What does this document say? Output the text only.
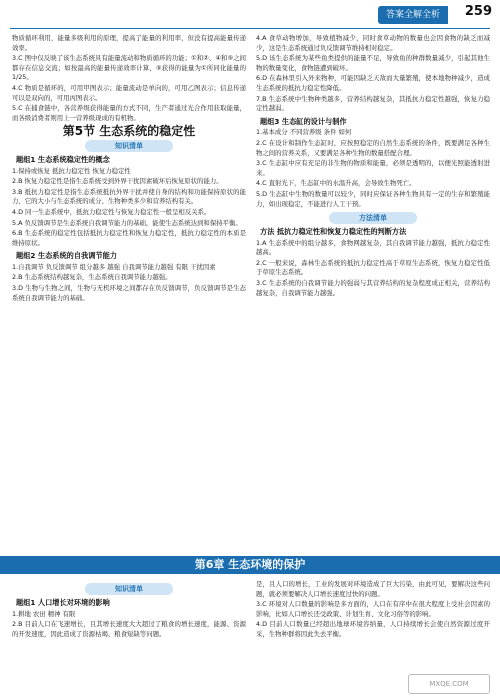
答案全解全析	259

物质循环利用，能量多级利用的原理，提高了能量的利用率，但没有提高能量传递效率。

3.C 图中仅反映了该生态系统具有能量流动和物质循环的功能；①和②、④和⑤之间都存在信息交流；如按最高的能量传递效率计算，⑤获得的能量为①所同化能量的1/25。

4.C 物质是循环的，可用甲图表示；能量流动是单向的，可用乙图表示；信息传递可以是双向的，可用丙图表示。

5.C 在捕食链中，各营养级获得能量的方式不同，生产者通过光合作用获取能量，而各级消费者则用上一营养级现成的有机物。

第5节 生态系统的稳定性
知识清单
题组1 生态系统稳定性的概念

1.保持或恢复 抵抗力稳定性 恢复力稳定性

2.B 恢复力稳定性是指生态系统受到外界干扰因素破坏后恢复原状的能力。

3.B 抵抗力稳定性是指生态系统抵抗外界干扰并使自身的结构和功能保持原状的能力，它的大小与生态系统的成分、生物种类多少和营养结构有关。

4.D 同一生态系统中，抵抗力稳定性与恢复力稳定性一般呈相反关系。

5.A 负反馈调节是生态系统自我调节能力的基础，能使生态系统达到和保持平衡。

6.B 生态系统的稳定性包括抵抗力稳定性和恢复力稳定性，抵抗力稳定性的本质是维持原状。

题组2 生态系统的自我调节能力

1.自我调节 负反馈调节 组分越多 越强 自我调节能力越强 有限 干扰因素

2.B 生态系统结构越复杂，生态系统自我调节能力越强。

3.D 生物与生物之间，生物与无机环境之间都存在负反馈调节，负反馈调节是生态系统自我调节能力的基础。

4.A 食草动物增加，导致植物减少，同时食草动物的数量也会因食物的缺乏而减少，这是生态系统通过负反馈调节维持相对稳定。

5.D 该生态系统为某些鱼类提供的能量不足，导致鱼的种群数量减少，引起其他生物的数量变化，食物链遭到破坏。

6.D 在森林里引入外来物种，可能因缺乏天敌而大量繁殖，使本地物种减少，造成生态系统的抵抗力稳定性降低。

7.B 生态系统中生物种类越多，营养结构越复杂，其抵抗力稳定性越强，恢复力稳定性越弱。

题组3 生态缸的设计与制作

1.基本成分 不同营养级 条件 如何

2.C 在设计和制作生态缸时，应按照稳定的自然生态系统的条件，既要满足各种生物之间的营养关系，又要满足各种生物的数量搭配合理。

3.C 生态缸中应有充足的非生物的物质和能量，必须是透明的，以便光照能透射进来。

4.C 直射光下，生态缸中的水温升高，会导致生物死亡。

5.D 生态缸中生物的数量可以较少，同时应保证各种生物具有一定的生存和繁殖能力，如出现稳定，不能进行人工干预。

方法清单
方法 抵抗力稳定性和恢复力稳定性的判断方法

1.A 生态系统中的组分越多，食物网越复杂，其自我调节能力越强，抵抗力稳定性越高。

2.C 一般来说，森林生态系统的抵抗力稳定性高于草原生态系统，恢复力稳定性低于草原生态系统。

3.C 生态系统的自我调节能力的强弱与其营养结构的复杂程度成正相关，营养结构越复杂，自我调节能力越强。

第6章 生态环境的保护
知识清单
题组1 人口增长对环境的影响

1.耕地 农田 精神 有限

2.B 目前人口在飞速增长，且其增长速度大大超过了粮食的增长速度，能源、资源的开发速度，因此造成了资源枯竭、粮食短缺等问题。

是，且人口的增长，工业的发展对环境造成了巨大污染，由此可见，要解决这些问题，就必须要解决人口增长速度过快的问题。

3.C 环境对人口数量的影响是多方面的，人口在有序中在很大程度上受社会因素的影响，比如人口增长还受政策、计划生育、文化习俗等的影响。

4.D 目前人口数量已经超出地球环境容纳量，人口持续增长会使自然资源过度开采，生物种群将因此失去平衡。

MXQE.COM
